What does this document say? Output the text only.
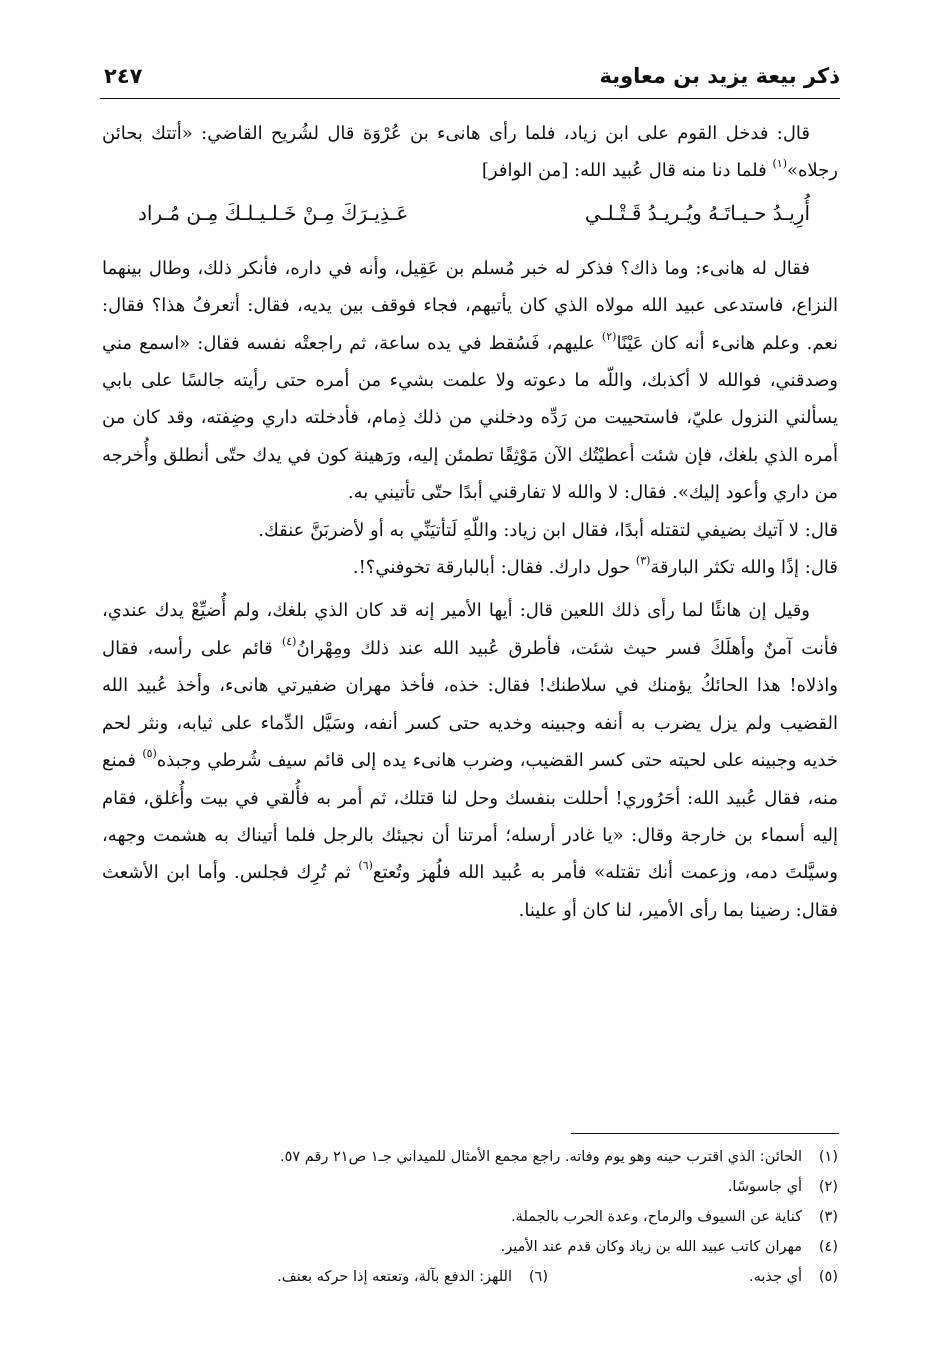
ذكر بيعة يزيد بن معاوية
٢٤٧

قال: فدخل القوم على ابن زياد، فلما رأى هانىء بن عُرْوَة قال لشُريح القاضي: «أتتك بحائن رجلاه»$^{(١)}$ فلما دنا منه قال عُبيد الله: [من الوافر]

أُرِيـدُ حـيـاتَـهُ ويُـريـدُ قَـتْـلـي
عَـذِيـرَكَ مِـنْ خَـلـيـلـكَ مِـن مُـراد

فقال له هانىء: وما ذاك؟ فذكر له خبر مُسلم بن عَقِيل، وأنه في داره، فأنكر ذلك، وطال بينهما النزاع، فاستدعى عبيد الله مولاه الذي كان يأتيهم، فجاء فوقف بين يديه، فقال: أتعرفُ هذا؟ فقال: نعم. وعلم هانىء أنه كان عَيْنًا$^{(٢)}$ عليهم، فَسُقط في يده ساعة، ثم راجعتْه نفسه فقال: «اسمع مني وصدقني، فوالله لا أكذبك، واللّه ما دعوته ولا علمت بشيء من أمره حتى رأيته جالسًا على بابي يسألني النزول عليّ، فاستحييت من رَدِّه ودخلني من ذلك ذِمام، فأدخلته داري وضِفته، وقد كان من أمره الذي بلغك، فإن شئت أعطيْتُك الآن مَوْثِقًا تطمئن إليه، ورَهينة كون في يدك حتّى أنطلق وأُخرجه من داري وأعود إليك». فقال: لا والله لا تفارقني أبدًا حتّى تأتيني به.

قال: لا آتيك بضيفي لتقتله أبدًا، فقال ابن زياد: واللّهِ لَتأتيَنِّي به أو لأضربَنَّ عنقك.

قال: إذًا والله تكثر البارقة$^{(٣)}$ حول دارك. فقال: أبالبارقة تخوفني؟!.

وقيل إن هانئًا لما رأى ذلك اللعين قال: أيها الأمير إنه قد كان الذي بلغك، ولم أُضيِّعْ يدك عندي، فأنت آمنٌ وأهلَكَ فسر حيث شئت، فأطرق عُبيد الله عند ذلك ومِهْرانُ$^{(٤)}$ قائم على رأسه، فقال واذلاه! هذا الحائكُ يؤمنك في سلاطنك! فقال: خذه، فأخذ مهران ضفيرتي هانىء، وأخذ عُبيد الله القضيب ولم يزل يضرب به أنفه وجبينه وخديه حتى كسر أنفه، وسَيَّل الدِّماء على ثيابه، ونثر لحم خديه وجبينه على لحيته حتى كسر القضيب، وضرب هانىء يده إلى قائم سيف شُرطي وجبذه$^{(٥)}$ فمنع منه، فقال عُبيد الله: أحَرُوري! أحللت بنفسك وحل لنا قتلك، ثم أمر به فأُلقي في بيت وأُغلق، فقام إليه أسماء بن خارجة وقال: «يا غادر أرسله؛ أمرتنا أن نجيئك بالرجل فلما أتيناك به هشمت وجهه، وسيَّلتَ دمه، وزعمت أنك تقتله» فأمر به عُبيد الله فلُهز وتُعتع$^{(٦)}$ ثم تُرِك فجلس. وأما ابن الأشعث فقال: رضينا بما رأى الأمير، لنا كان أو علينا.

(١)
الحائن: الذي اقترب حينه وهو يوم وفاته. راجع مجمع الأمثال للميداني جـ١ ص٢١ رقم ٥٧.
(٢)
أي جاسوسًا.
(٣)
كناية عن السيوف والرماح، وعدة الحرب بالجملة.
(٤)
مهران كاتب عبيد الله بن زياد وكان قدم عند الأمير.
(٥)
أي جذبه.
(٦)
اللهز: الدفع بآلة، وتعتعه إذا حركه بعنف.
